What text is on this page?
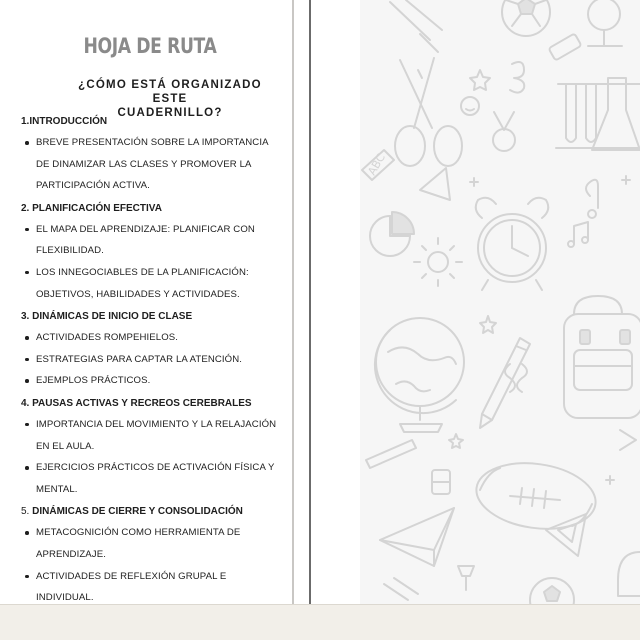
HOJA DE RUTA
¿CÓMO ESTÁ ORGANIZADO ESTE
CUADERNILLO?
1.INTRODUCCIÓN
BREVE PRESENTACIÓN SOBRE LA IMPORTANCIA
DE DINAMIZAR LAS CLASES Y PROMOVER LA
PARTICIPACIÓN ACTIVA.
2. PLANIFICACIÓN EFECTIVA
EL MAPA DEL APRENDIZAJE: PLANIFICAR CON
FLEXIBILIDAD.
LOS INNEGOCIABLES DE LA PLANIFICACIÓN:
OBJETIVOS, HABILIDADES Y ACTIVIDADES.
3. DINÁMICAS DE INICIO DE CLASE
ACTIVIDADES ROMPEHIELOS.
ESTRATEGIAS PARA CAPTAR LA ATENCIÓN.
EJEMPLOS PRÁCTICOS.
4. PAUSAS ACTIVAS Y RECREOS CEREBRALES
IMPORTANCIA DEL MOVIMIENTO Y LA RELAJACIÓN
EN EL AULA.
EJERCICIOS PRÁCTICOS DE ACTIVACIÓN FÍSICA Y
MENTAL.
5. DINÁMICAS DE CIERRE Y CONSOLIDACIÓN
METACOGNICIÓN COMO HERRAMIENTA DE
APRENDIZAJE.
ACTIVIDADES DE REFLEXIÓN GRUPAL E
INDIVIDUAL.
ABC
